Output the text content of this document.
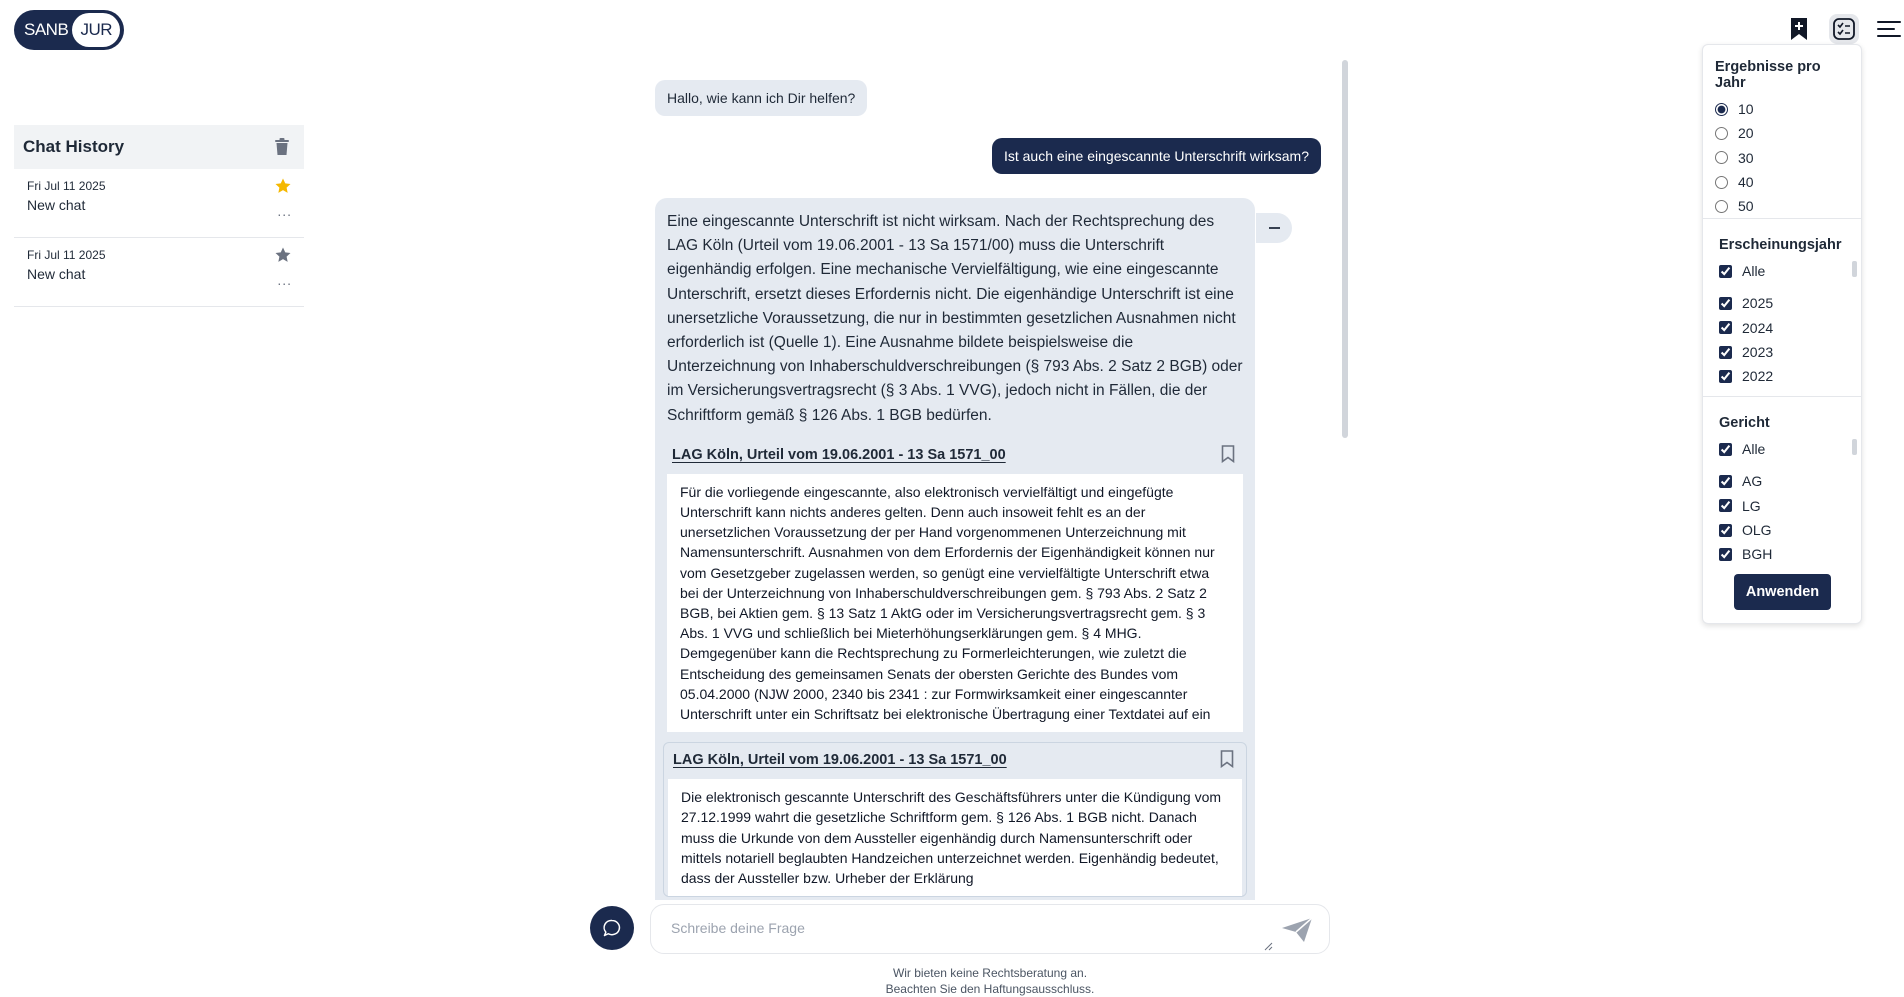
SANB JUR
Chat History
Fri Jul 11 2025
New chat	...
Fri Jul 11 2025
New chat	...
Hallo, wie kann ich Dir helfen?
Ist auch eine eingescannte Unterschrift wirksam?
Eine eingescannte Unterschrift ist nicht wirksam. Nach der Rechtsprechung des LAG Köln (Urteil vom 19.06.2001 - 13 Sa 1571/00) muss die Unterschrift eigenhändig erfolgen. Eine mechanische Vervielfältigung, wie eine eingescannte Unterschrift, ersetzt dieses Erfordernis nicht. Die eigenhändige Unterschrift ist eine unersetzliche Voraussetzung, die nur in bestimmten gesetzlichen Ausnahmen nicht erforderlich ist (Quelle 1). Eine Ausnahme bildete beispielsweise die Unterzeichnung von Inhaberschuldverschreibungen (§ 793 Abs. 2 Satz 2 BGB) oder im Versicherungsvertragsrecht (§ 3 Abs. 1 VVG), jedoch nicht in Fällen, die der Schriftform gemäß § 126 Abs. 1 BGB bedürfen.
LAG Köln, Urteil vom 19.06.2001 - 13 Sa 1571_00
Für die vorliegende eingescannte, also elektronisch vervielfältigt und eingefügte Unterschrift kann nichts anderes gelten. Denn auch insoweit fehlt es an der unersetzlichen Voraussetzung der per Hand vorgenommenen Unterzeichnung mit Namensunterschrift. Ausnahmen von dem Erfordernis der Eigenhändigkeit können nur vom Gesetzgeber zugelassen werden, so genügt eine vervielfältigte Unterschrift etwa bei der Unterzeichnung von Inhaberschuldverschreibungen gem. § 793 Abs. 2 Satz 2 BGB, bei Aktien gem. § 13 Satz 1 AktG oder im Versicherungsvertragsrecht gem. § 3 Abs. 1 VVG und schließlich bei Mieterhöhungserklärungen gem. § 4 MHG. Demgegenüber kann die Rechtsprechung zu Formerleichterungen, wie zuletzt die Entscheidung des gemeinsamen Senats der obersten Gerichte des Bundes vom 05.04.2000 (NJW 2000, 2340 bis 2341 : zur Formwirksamkeit einer eingescannter Unterschrift unter ein Schriftsatz bei elektronische Übertragung einer Textdatei auf ein
LAG Köln, Urteil vom 19.06.2001 - 13 Sa 1571_00
Die elektronisch gescannte Unterschrift des Geschäftsführers unter die Kündigung vom 27.12.1999 wahrt die gesetzliche Schriftform gem. § 126 Abs. 1 BGB nicht. Danach muss die Urkunde von dem Aussteller eigenhändig durch Namensunterschrift oder mittels notariell beglaubten Handzeichen unterzeichnet werden. Eigenhändig bedeutet, dass der Aussteller bzw. Urheber der Erklärung
Schreibe deine Frage
Wir bieten keine Rechtsberatung an.
Beachten Sie den Haftungsausschluss.
Ergebnisse pro Jahr
10
20
30
40
50
Erscheinungsjahr
Alle
2025
2024
2023
2022
Gericht
Alle
AG
LG
OLG
BGH
Anwenden
